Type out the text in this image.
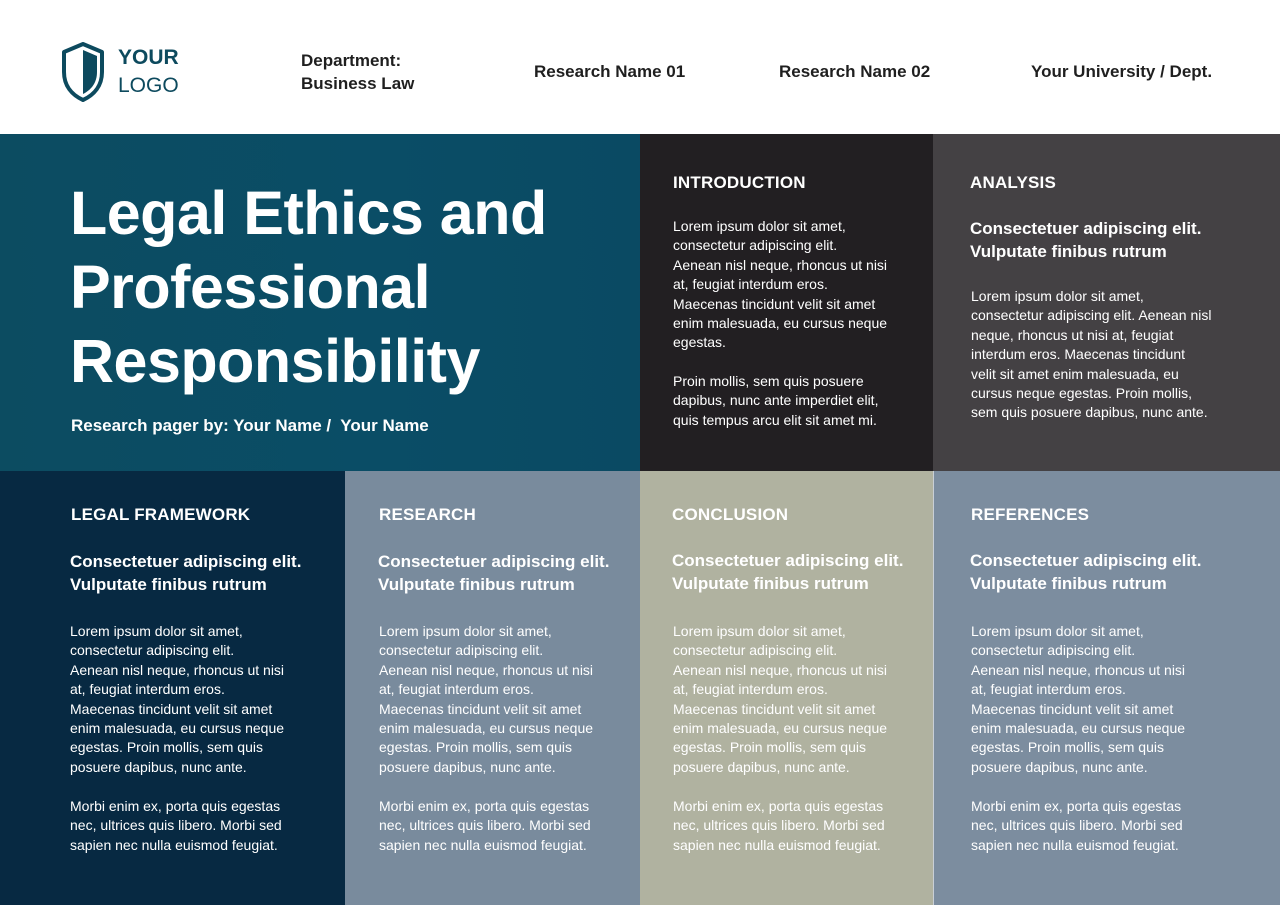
YOUR
LOGO
Department:
Business Law
Research Name 01	Research Name 02	Your University / Dept.
Legal Ethics and
Professional
Responsibility
Research pager by: Your Name /  Your Name
INTRODUCTION
Lorem ipsum dolor sit amet,
consectetur adipiscing elit.
Aenean nisl neque, rhoncus ut nisi
at, feugiat interdum eros.
Maecenas tincidunt velit sit amet
enim malesuada, eu cursus neque
egestas.
Proin mollis, sem quis posuere
dapibus, nunc ante imperdiet elit,
quis tempus arcu elit sit amet mi.
ANALYSIS
Consectetuer adipiscing elit.
Vulputate finibus rutrum
Lorem ipsum dolor sit amet,
consectetur adipiscing elit. Aenean nisl
neque, rhoncus ut nisi at, feugiat
interdum eros. Maecenas tincidunt
velit sit amet enim malesuada, eu
cursus neque egestas. Proin mollis,
sem quis posuere dapibus, nunc ante.
LEGAL FRAMEWORK
Consectetuer adipiscing elit.
Vulputate finibus rutrum
Lorem ipsum dolor sit amet,
consectetur adipiscing elit.
Aenean nisl neque, rhoncus ut nisi
at, feugiat interdum eros.
Maecenas tincidunt velit sit amet
enim malesuada, eu cursus neque
egestas. Proin mollis, sem quis
posuere dapibus, nunc ante.
Morbi enim ex, porta quis egestas
nec, ultrices quis libero. Morbi sed
sapien nec nulla euismod feugiat.
RESEARCH
Consectetuer adipiscing elit.
Vulputate finibus rutrum
Lorem ipsum dolor sit amet,
consectetur adipiscing elit.
Aenean nisl neque, rhoncus ut nisi
at, feugiat interdum eros.
Maecenas tincidunt velit sit amet
enim malesuada, eu cursus neque
egestas. Proin mollis, sem quis
posuere dapibus, nunc ante.
Morbi enim ex, porta quis egestas
nec, ultrices quis libero. Morbi sed
sapien nec nulla euismod feugiat.
CONCLUSION
Consectetuer adipiscing elit.
Vulputate finibus rutrum
Lorem ipsum dolor sit amet,
consectetur adipiscing elit.
Aenean nisl neque, rhoncus ut nisi
at, feugiat interdum eros.
Maecenas tincidunt velit sit amet
enim malesuada, eu cursus neque
egestas. Proin mollis, sem quis
posuere dapibus, nunc ante.
Morbi enim ex, porta quis egestas
nec, ultrices quis libero. Morbi sed
sapien nec nulla euismod feugiat.
REFERENCES
Consectetuer adipiscing elit.
Vulputate finibus rutrum
Lorem ipsum dolor sit amet,
consectetur adipiscing elit.
Aenean nisl neque, rhoncus ut nisi
at, feugiat interdum eros.
Maecenas tincidunt velit sit amet
enim malesuada, eu cursus neque
egestas. Proin mollis, sem quis
posuere dapibus, nunc ante.
Morbi enim ex, porta quis egestas
nec, ultrices quis libero. Morbi sed
sapien nec nulla euismod feugiat.
